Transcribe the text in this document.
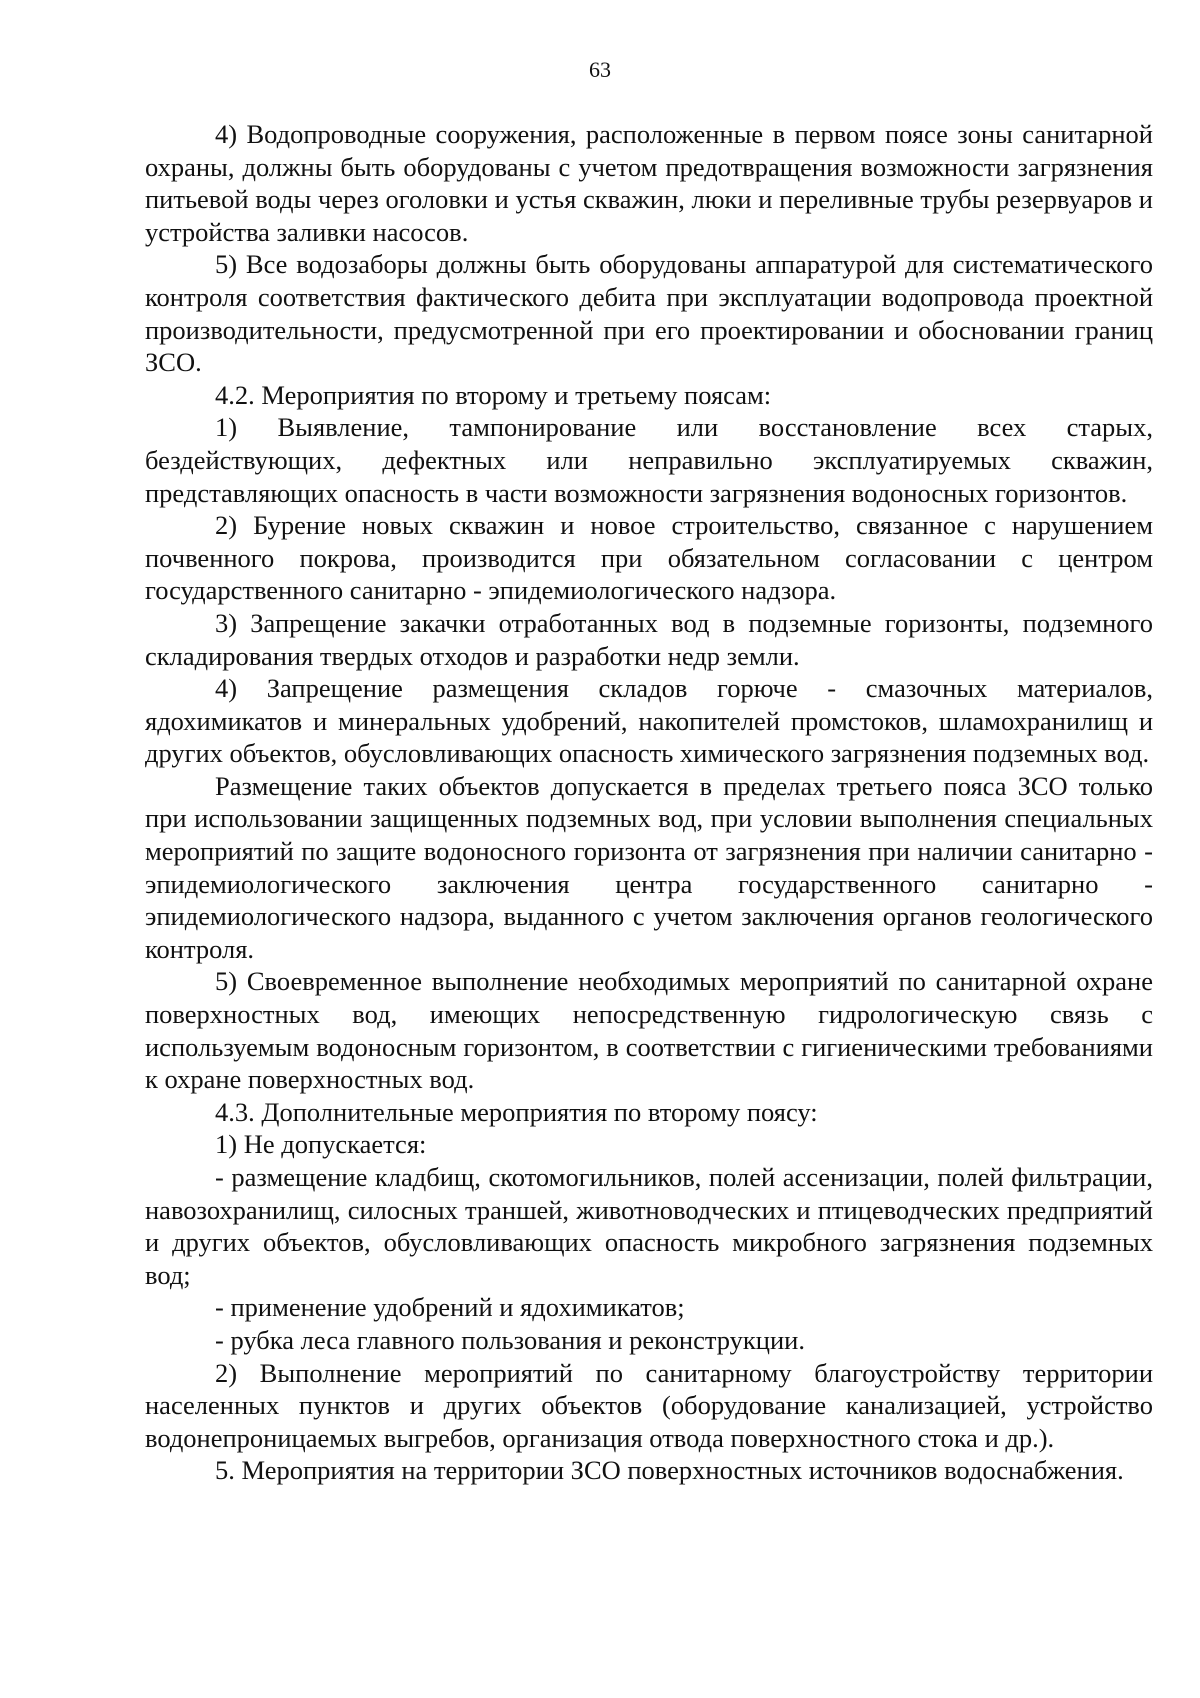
63

4) Водопроводные сооружения, расположенные в первом поясе зоны санитарной охраны, должны быть оборудованы с учетом предотвращения возможности загрязнения питьевой воды через оголовки и устья скважин, люки и переливные трубы резервуаров и устройства заливки насосов.

5) Все водозаборы должны быть оборудованы аппаратурой для систематического контроля соответствия фактического дебита при эксплуатации водопровода проектной производительности, предусмотренной при его проектировании и обосновании границ ЗСО.

4.2. Мероприятия по второму и третьему поясам:

1) Выявление, тампонирование или восстановление всех старых, бездействующих, дефектных или неправильно эксплуатируемых скважин, представляющих опасность в части возможности загрязнения водоносных горизонтов.

2) Бурение новых скважин и новое строительство, связанное с нарушением почвенного покрова, производится при обязательном согласовании с центром государственного санитарно - эпидемиологического надзора.

3) Запрещение закачки отработанных вод в подземные горизонты, подземного складирования твердых отходов и разработки недр земли.

4) Запрещение размещения складов горюче - смазочных материалов, ядохимикатов и минеральных удобрений, накопителей промстоков, шламохранилищ и других объектов, обусловливающих опасность химического загрязнения подземных вод.

Размещение таких объектов допускается в пределах третьего пояса ЗСО только при использовании защищенных подземных вод, при условии выполнения специальных мероприятий по защите водоносного горизонта от загрязнения при наличии санитарно - эпидемиологического заключения центра государственного санитарно - эпидемиологического надзора, выданного с учетом заключения органов геологического контроля.

5) Своевременное выполнение необходимых мероприятий по санитарной охране поверхностных вод, имеющих непосредственную гидрологическую связь с используемым водоносным горизонтом, в соответствии с гигиеническими требованиями к охране поверхностных вод.

4.3. Дополнительные мероприятия по второму поясу:

1) Не допускается:

- размещение кладбищ, скотомогильников, полей ассенизации, полей фильтрации, навозохранилищ, силосных траншей, животноводческих и птицеводческих предприятий и других объектов, обусловливающих опасность микробного загрязнения подземных вод;

- применение удобрений и ядохимикатов;

- рубка леса главного пользования и реконструкции.

2) Выполнение мероприятий по санитарному благоустройству территории населенных пунктов и других объектов (оборудование канализацией, устройство водонепроницаемых выгребов, организация отвода поверхностного стока и др.).

5. Мероприятия на территории ЗСО поверхностных источников водоснабжения.
